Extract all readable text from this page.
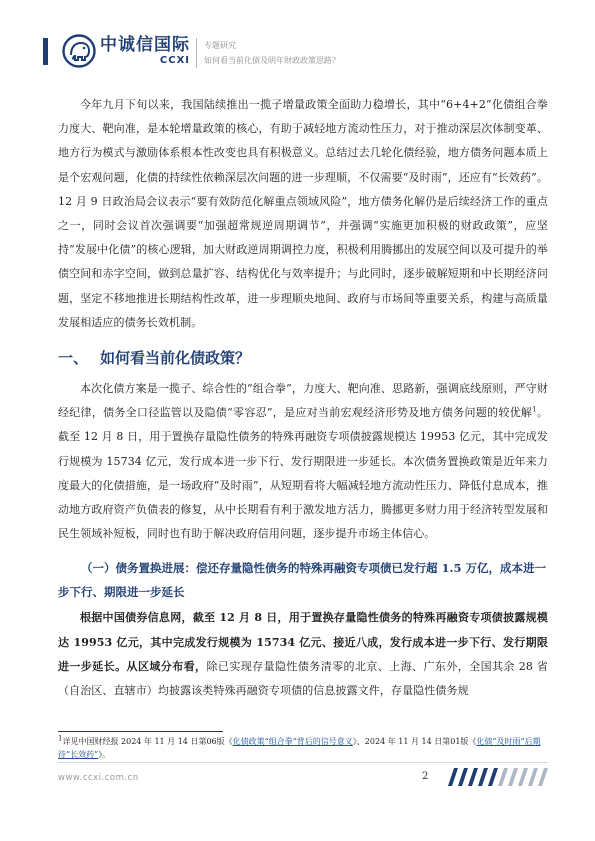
中诚信国际
CCXI
专题研究
如何看当前化债及明年财政政策思路？

今年九月下旬以来，我国陆续推出一揽子增量政策全面助力稳增长，其中“6+4+2”化债组合拳力度大、靶向准，是本轮增量政策的核心，有助于减轻地方流动性压力，对于推动深层次体制变革、地方行为模式与激励体系根本性改变也具有积极意义。总结过去几轮化债经验，地方债务问题本质上是个宏观问题，化债的持续性依赖深层次问题的进一步理顺，不仅需要“及时雨”，还应有“长效药”。12 月 9 日政治局会议表示“要有效防范化解重点领域风险”，地方债务化解仍是后续经济工作的重点之一，同时会议首次强调要“加强超常规逆周期调节”，并强调“实施更加积极的财政政策”，应坚持“发展中化债”的核心逻辑，加大财政逆周期调控力度，积极利用腾挪出的发展空间以及可提升的举债空间和赤字空间，做到总量扩容、结构优化与效率提升；与此同时，逐步破解短期和中长期经济问题，坚定不移地推进长期结构性改革，进一步理顺央地间、政府与市场间等重要关系，构建与高质量发展相适应的债务长效机制。

一、 如何看当前化债政策？

本次化债方案是一揽子、综合性的“组合拳”，力度大、靶向准、思路新，强调底线原则，严守财经纪律，债务全口径监管以及隐债“零容忍”，是应对当前宏观经济形势及地方债务问题的较优解$^1$。截至 12 月 8 日，用于置换存量隐性债务的特殊再融资专项债披露规模达 19953 亿元，其中完成发行规模为 15734 亿元，发行成本进一步下行、发行期限进一步延长。本次债务置换政策是近年来力度最大的化债措施，是一场政府“及时雨”，从短期看将大幅减轻地方流动性压力、降低付息成本，推动地方政府资产负债表的修复，从中长期看有利于激发地方活力，腾挪更多财力用于经济转型发展和民生领域补短板，同时也有助于解决政府信用问题，逐步提升市场主体信心。

（一）债务置换进展：偿还存量隐性债务的特殊再融资专项债已发行超 1.5 万亿，成本进一步下行、期限进一步延长

根据中国债券信息网，截至 12 月 8 日，用于置换存量隐性债务的特殊再融资专项债披露规模达 19953 亿元，其中完成发行规模为 15734 亿元、接近八成，发行成本进一步下行、发行期限进一步延长。从区域分布看，除已实现存量隐性债务清零的北京、上海、广东外，全国其余 28 省（自治区、直辖市）均披露该类特殊再融资专项债的信息披露文件，存量隐性债务规

$^1$详见中国财经报 2024 年 11 月 14 日第06版《化债政策“组合拳”背后的信号意义》、2024 年 11 月 14 日第01版《化债“及时雨”后期待“长效药”》。
www.ccxi.com.cn	2
